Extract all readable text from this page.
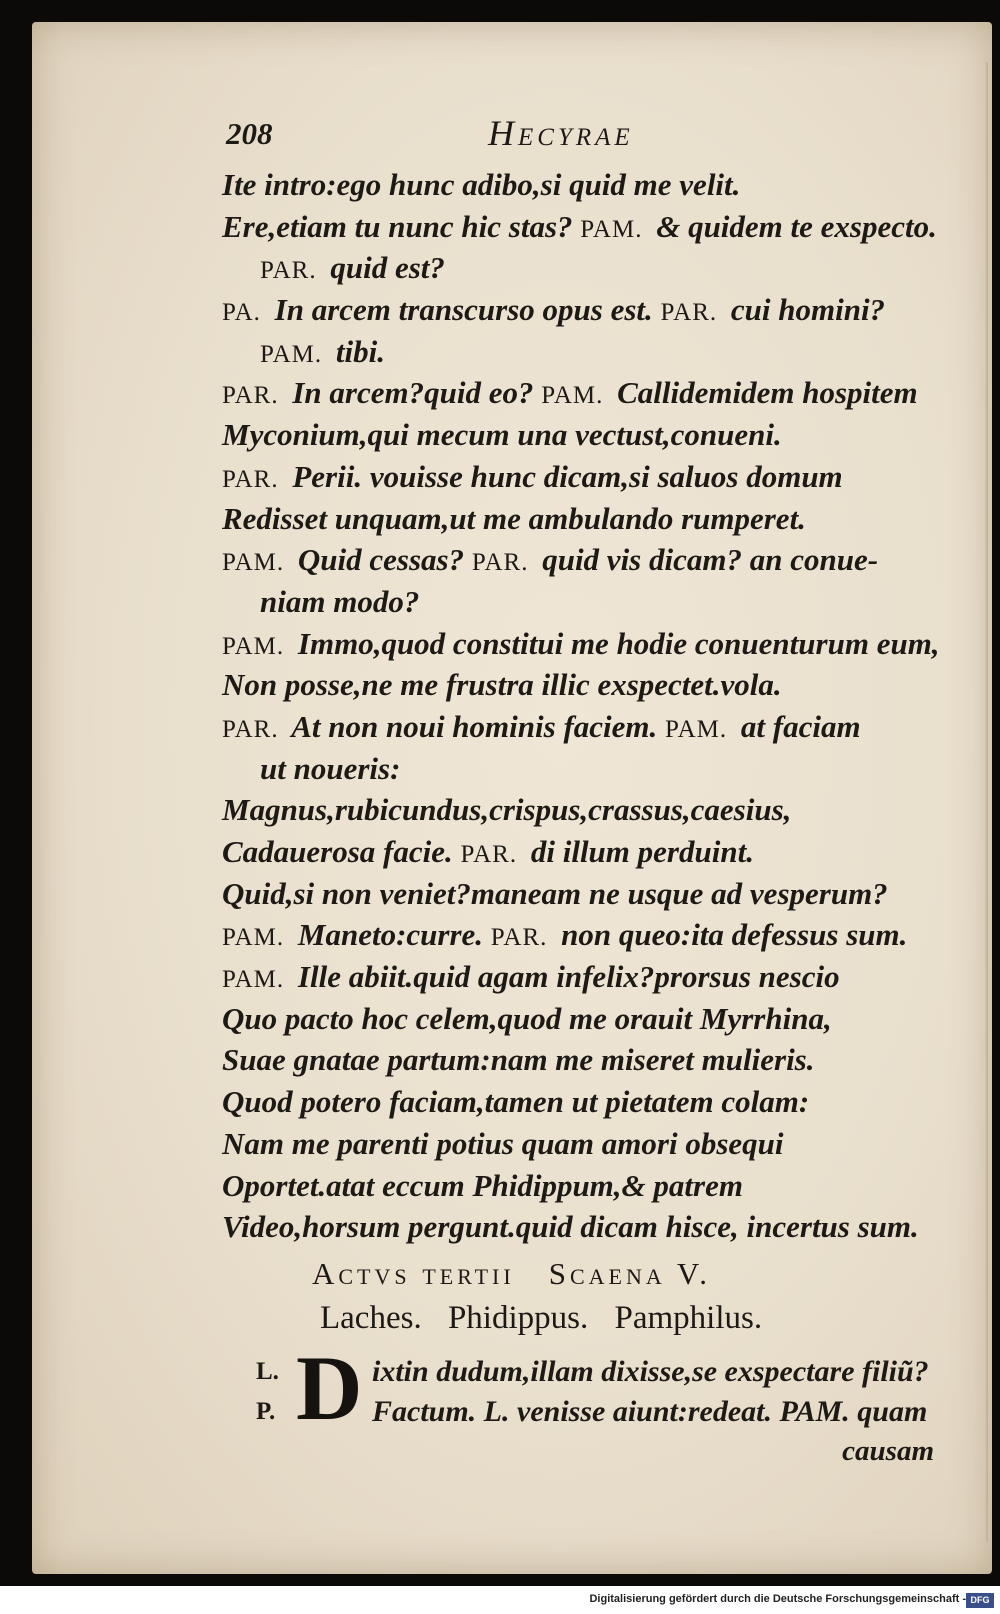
208	Hecyrae
Ite intro:ego hunc adibo,si quid me velit.
Ere,etiam tu nunc hic stas? PAM. & quidem te exspecto.
PAR. quid est?
PA. In arcem transcurso opus est. PAR. cui homini?
PAM. tibi.
PAR. In arcem?quid eo? PAM. Callidemidem hospitem
Myconium,qui mecum una vectust,conueni.
PAR. Perii. vouisse hunc dicam,si saluos domum
Redisset unquam,ut me ambulando rumperet.
PAM. Quid cessas? PAR. quid vis dicam? an conue-
niam modo?
PAM. Immo,quod constitui me hodie conuenturum eum,
Non posse,ne me frustra illic exspectet.vola.
PAR. At non noui hominis faciem. PAM. at faciam
ut noueris:
Magnus,rubicundus,crispus,crassus,caesius,
Cadauerosa facie. PAR. di illum perduint.
Quid,si non veniet?maneam ne usque ad vesperum?
PAM. Maneto:curre. PAR. non queo:ita defessus sum.
PAM. Ille abiit.quid agam infelix?prorsus nescio
Quo pacto hoc celem,quod me orauit Myrrhina,
Suae gnatae partum:nam me miseret mulieris.
Quod potero faciam,tamen ut pietatem colam:
Nam me parenti potius quam amori obsequi
Oportet.atat eccum Phidippum,& patrem
Video,horsum pergunt.quid dicam hisce, incertus sum.
Actvs tertii Scaena V.
Laches. Phidippus. Pamphilus.
D
L.	ixtin dudum,illam dixisse,se exspectare filiũ?
P.	Factum. L. venisse aiunt:redeat. PAM. quam
causam
Digitalisierung gefördert durch die Deutsche Forschungsgemeinschaft - DFG
